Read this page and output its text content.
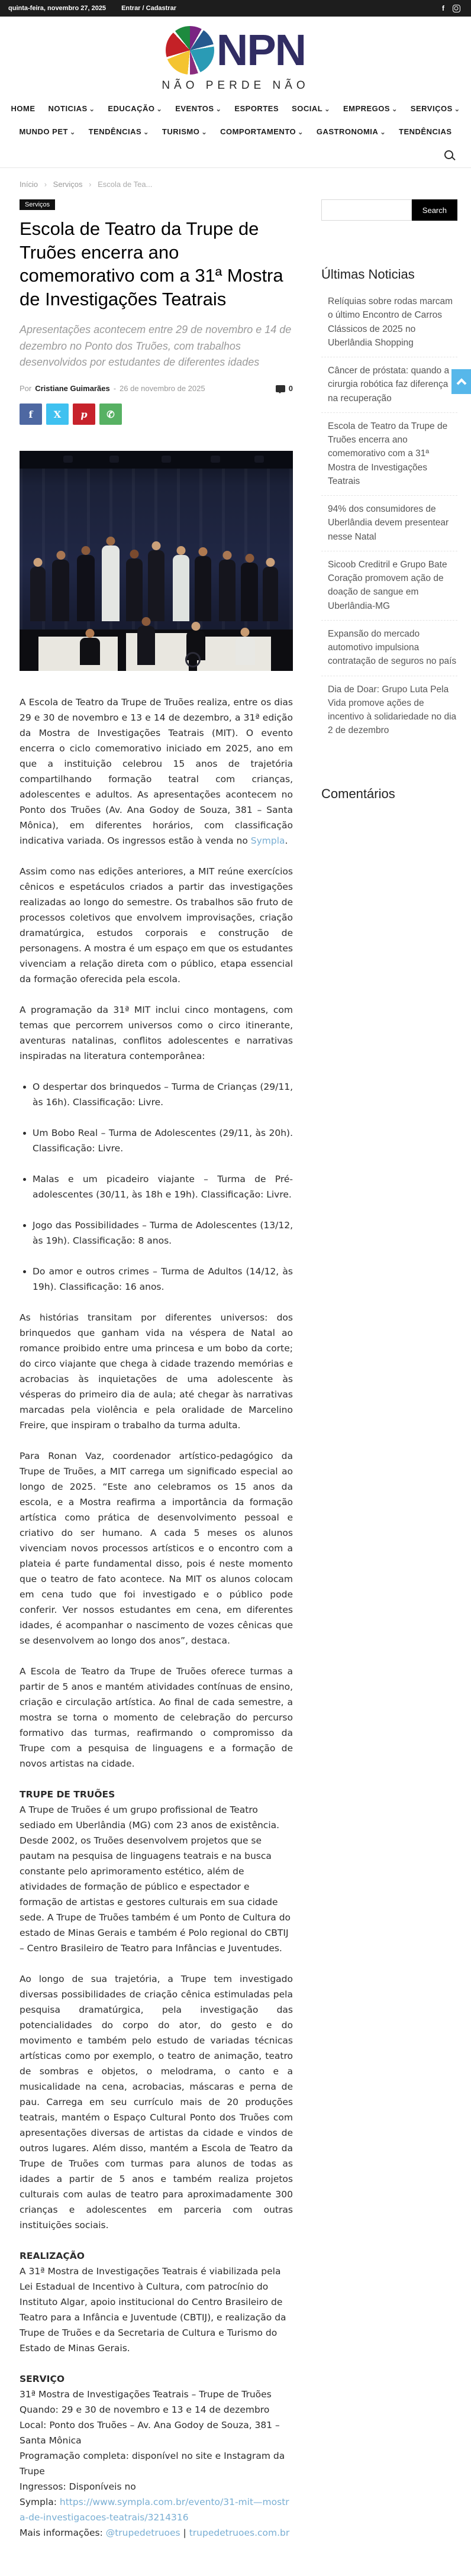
quinta-feira, novembro 27, 2025 Entrar / Cadastrar	f
NPN
NÃO PERDE NÃO
HOME NOTICIAS ⌄ EDUCAÇÃO ⌄ EVENTOS ⌄ ESPORTES SOCIAL ⌄ EMPREGOS ⌄ SERVIÇOS ⌄
MUNDO PET ⌄ TENDÊNCIAS ⌄ TURISMO ⌄ COMPORTAMENTO ⌄ GASTRONOMIA ⌄ TENDÊNCIAS
Início › Serviços › Escola de Tea...
Serviços
Escola de Teatro da Trupe de Truões encerra ano comemorativo com a 31ª Mostra de Investigações Teatrais
Apresentações acontecem entre 29 de novembro e 14 de dezembro no Ponto dos Truões, com trabalhos desenvolvidos por estudantes de diferentes idades
Por Cristiane Guimarães - 26 de novembro de 2025	0
f	X	p	✆

A Escola de Teatro da Trupe de Truões realiza, entre os dias 29 e 30 de novembro e 13 e 14 de dezembro, a 31ª edição da Mostra de Investigações Teatrais (MIT). O evento encerra o ciclo comemorativo iniciado em 2025, ano em que a instituição celebrou 15 anos de trajetória compartilhando formação teatral com crianças, adolescentes e adultos. As apresentações acontecem no Ponto dos Truões (Av. Ana Godoy de Souza, 381 – Santa Mônica), em diferentes horários, com classificação indicativa variada. Os ingressos estão à venda no Sympla.

Assim como nas edições anteriores, a MIT reúne exercícios cênicos e espetáculos criados a partir das investigações realizadas ao longo do semestre. Os trabalhos são fruto de processos coletivos que envolvem improvisações, criação dramatúrgica, estudos corporais e construção de personagens. A mostra é um espaço em que os estudantes vivenciam a relação direta com o público, etapa essencial da formação oferecida pela escola.

A programação da 31ª MIT inclui cinco montagens, com temas que percorrem universos como o circo itinerante, aventuras natalinas, conflitos adolescentes e narrativas inspiradas na literatura contemporânea:

• O despertar dos brinquedos – Turma de Crianças (29/11, às 16h). Classificação: Livre.
• Um Bobo Real – Turma de Adolescentes (29/11, às 20h). Classificação: Livre.
• Malas e um picadeiro viajante – Turma de Pré-adolescentes (30/11, às 18h e 19h). Classificação: Livre.
• Jogo das Possibilidades – Turma de Adolescentes (13/12, às 19h). Classificação: 8 anos.
• Do amor e outros crimes – Turma de Adultos (14/12, às 19h). Classificação: 16 anos.

As histórias transitam por diferentes universos: dos brinquedos que ganham vida na véspera de Natal ao romance proibido entre uma princesa e um bobo da corte; do circo viajante que chega à cidade trazendo memórias e acrobacias às inquietações de uma adolescente às vésperas do primeiro dia de aula; até chegar às narrativas marcadas pela violência e pela oralidade de Marcelino Freire, que inspiram o trabalho da turma adulta.

Para Ronan Vaz, coordenador artístico-pedagógico da Trupe de Truões, a MIT carrega um significado especial ao longo de 2025. “Este ano celebramos os 15 anos da escola, e a Mostra reafirma a importância da formação artística como prática de desenvolvimento pessoal e criativo do ser humano. A cada 5 meses os alunos vivenciam novos processos artísticos e o encontro com a plateia é parte fundamental disso, pois é neste momento que o teatro de fato acontece. Na MIT os alunos colocam em cena tudo que foi investigado e o público pode conferir. Ver nossos estudantes em cena, em diferentes idades, é acompanhar o nascimento de vozes cênicas que se desenvolvem ao longo dos anos”, destaca.

A Escola de Teatro da Trupe de Truões oferece turmas a partir de 5 anos e mantém atividades contínuas de ensino, criação e circulação artística. Ao final de cada semestre, a mostra se torna o momento de celebração do percurso formativo das turmas, reafirmando o compromisso da Trupe com a pesquisa de linguagens e a formação de novos artistas na cidade.

TRUPE DE TRUÕES

A Trupe de Truões é um grupo profissional de Teatro sediado em Uberlândia (MG) com 23 anos de existência. Desde 2002, os Truões desenvolvem projetos que se pautam na pesquisa de linguagens teatrais e na busca constante pelo aprimoramento estético, além de atividades de formação de público e espectador e formação de artistas e gestores culturais em sua cidade sede. A Trupe de Truões também é um Ponto de Cultura do estado de Minas Gerais e também é Polo regional do CBTIJ – Centro Brasileiro de Teatro para Infâncias e Juventudes.

Ao longo de sua trajetória, a Trupe tem investigado diversas possibilidades de criação cênica estimuladas pela pesquisa dramatúrgica, pela investigação das potencialidades do corpo do ator, do gesto e do movimento e também pelo estudo de variadas técnicas artísticas como por exemplo, o teatro de animação, teatro de sombras e objetos, o melodrama, o canto e a musicalidade na cena, acrobacias, máscaras e perna de pau. Carrega em seu currículo mais de 20 produções teatrais, mantém o Espaço Cultural Ponto dos Truões com apresentações diversas de artistas da cidade e vindos de outros lugares. Além disso, mantém a Escola de Teatro da Trupe de Truões com turmas para alunos de todas as idades a partir de 5 anos e também realiza projetos culturais com aulas de teatro para aproximadamente 300 crianças e adolescentes em parceria com outras instituições sociais.

REALIZAÇÃO

A 31ª Mostra de Investigações Teatrais é viabilizada pela Lei Estadual de Incentivo à Cultura, com patrocínio do Instituto Algar, apoio institucional do Centro Brasileiro de Teatro para a Infância e Juventude (CBTIJ), e realização da Trupe de Truões e da Secretaria de Cultura e Turismo do Estado de Minas Gerais.

SERVIÇO

31ª Mostra de Investigações Teatrais – Trupe de Truões

Quando: 29 e 30 de novembro e 13 e 14 de dezembro

Local: Ponto dos Truões – Av. Ana Godoy de Souza, 381 – Santa Mônica

Programação completa: disponível no site e Instagram da Trupe

Ingressos: Disponíveis no

Sympla: https://www.sympla.com.br/evento/31-mit—mostra-de-investigacoes-teatrais/3214316

Mais informações: @trupedetruoes | trupedetruoes.com.br

Search
Últimas Noticias
Relíquias sobre rodas marcam o último Encontro de Carros Clássicos de 2025 no Uberlândia Shopping
Câncer de próstata: quando a cirurgia robótica faz diferença na recuperação
Escola de Teatro da Trupe de Truões encerra ano comemorativo com a 31ª Mostra de Investigações Teatrais
94% dos consumidores de Uberlândia devem presentear nesse Natal
Sicoob Creditril e Grupo Bate Coração promovem ação de doação de sangue em Uberlândia-MG
Expansão do mercado automotivo impulsiona contratação de seguros no país
Dia de Doar: Grupo Luta Pela Vida promove ações de incentivo à solidariedade no dia 2 de dezembro
Comentários
